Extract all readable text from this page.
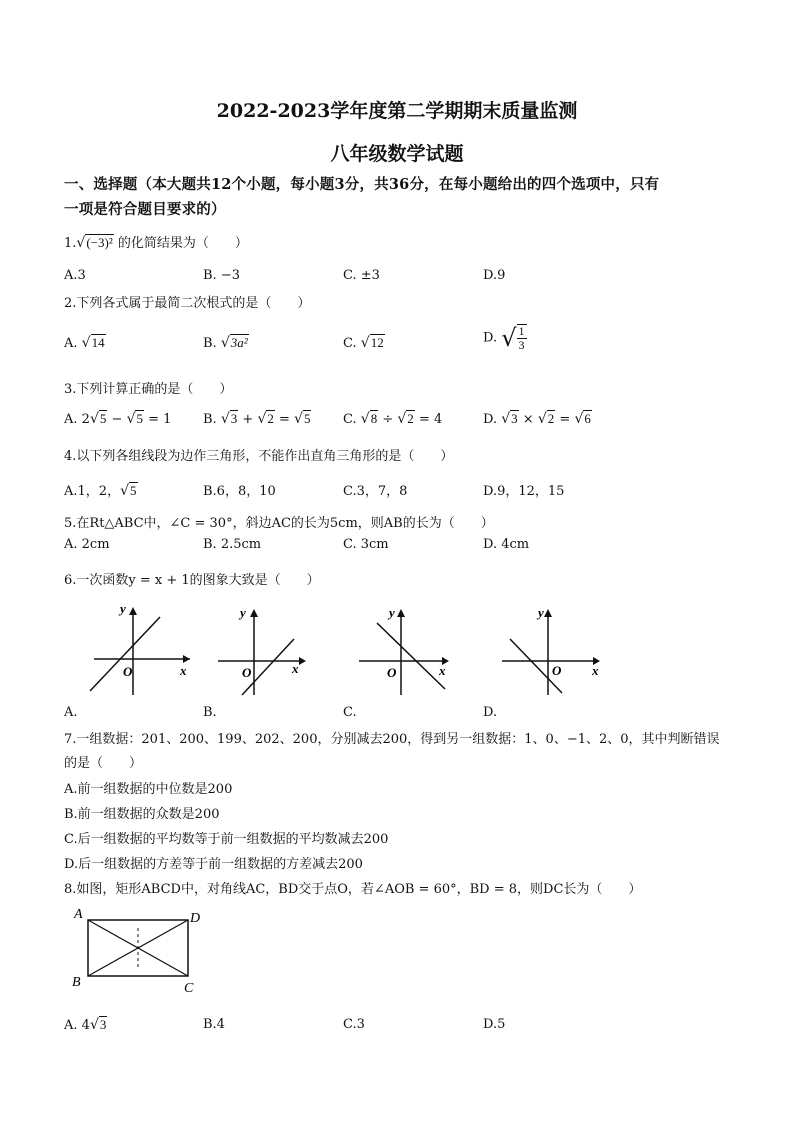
2022-2023学年度第二学期期末质量监测
八年级数学试题
一、选择题（本大题共12个小题，每小题3分，共36分，在每小题给出的四个选项中，只有
一项是符合题目要求的）
1.√(−3)² 的化简结果为（　　）
A.3	B. −3	C. ±3	D.9
2.下列各式属于最简二次根式的是（　　）
A. √14	B. √3a²	C. √12	D. √ $\frac{1}{3}$
3.下列计算正确的是（　　）
A. 2√5 − √5 = 1 B. √3 + √2 = √5	C. √8 ÷ √2 = 4	D. √3 × √2 = √6
4.以下列各组线段为边作三角形，不能作出直角三角形的是（　　）
A.1，2，√5	B.6，8，10	C.3，7，8	D.9，12，15
5.在Rt△ABC中，∠C = 30°，斜边AC的长为5cm，则AB的长为（　　）
A. 2cm	B. 2.5cm	C. 3cm	D. 4cm
6.一次函数y = x + 1的图象大致是（　　）
y
x
O
y
x
O
y
x
O
y
x
O
A.	B.	C.	D.
7.一组数据：201、200、199、202、200，分别减去200，得到另一组数据：1、0、−1、2、0，其中判断错误
的是（　　）
A.前一组数据的中位数是200
B.前一组数据的众数是200
C.后一组数据的平均数等于前一组数据的平均数减去200
D.后一组数据的方差等于前一组数据的方差减去200
8.如图，矩形ABCD中，对角线AC，BD交于点O，若∠AOB = 60°，BD = 8，则DC长为（　　）
A	D
B	C
A. 4√3	B.4	C.3	D.5
